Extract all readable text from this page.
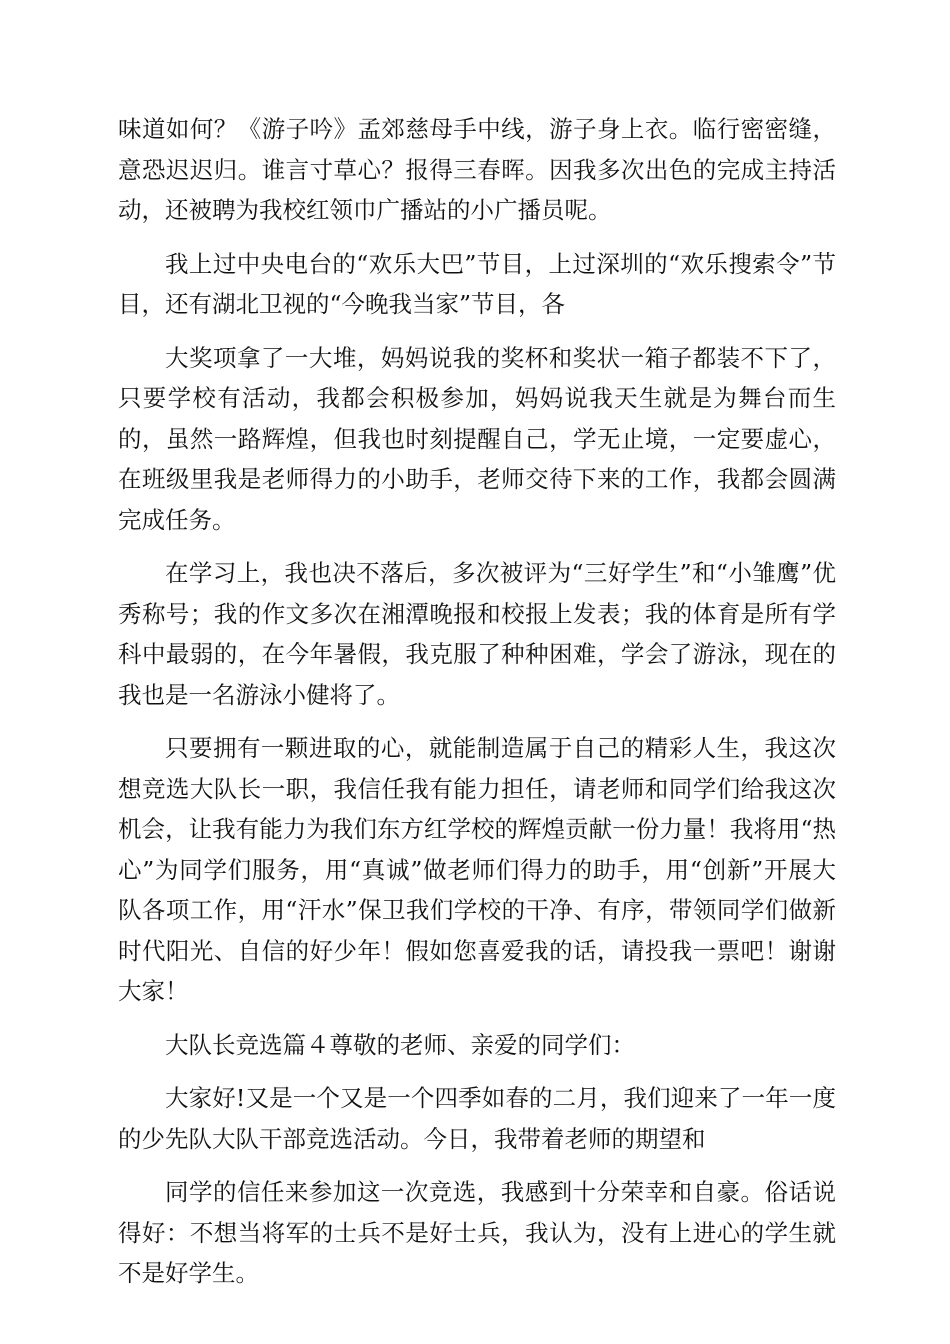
味道如何？《游子吟》孟郊慈母手中线，游子身上衣。临行密密缝，意恐迟迟归。谁言寸草心？报得三春晖。因我多次出色的完成主持活动，还被聘为我校红领巾广播站的小广播员呢。

我上过中央电台的“欢乐大巴”节目，上过深圳的“欢乐搜索令”节目，还有湖北卫视的“今晚我当家”节目，各

大奖项拿了一大堆，妈妈说我的奖杯和奖状一箱子都装不下了，只要学校有活动，我都会积极参加，妈妈说我天生就是为舞台而生的，虽然一路辉煌，但我也时刻提醒自己，学无止境，一定要虚心，在班级里我是老师得力的小助手，老师交待下来的工作，我都会圆满完成任务。

在学习上，我也决不落后，多次被评为“三好学生”和“小雏鹰”优秀称号；我的作文多次在湘潭晚报和校报上发表；我的体育是所有学科中最弱的，在今年暑假，我克服了种种困难，学会了游泳，现在的我也是一名游泳小健将了。

只要拥有一颗进取的心，就能制造属于自己的精彩人生，我这次想竞选大队长一职，我信任我有能力担任，请老师和同学们给我这次机会，让我有能力为我们东方红学校的辉煌贡献一份力量！我将用“热心”为同学们服务，用“真诚”做老师们得力的助手，用“创新”开展大队各项工作，用“汗水”保卫我们学校的干净、有序，带领同学们做新时代阳光、自信的好少年！假如您喜爱我的话，请投我一票吧！谢谢大家！

大队长竞选篇４尊敬的老师、亲爱的同学们：

大家好!又是一个又是一个四季如春的二月，我们迎来了一年一度的少先队大队干部竞选活动。今日，我带着老师的期望和

同学的信任来参加这一次竞选，我感到十分荣幸和自豪。俗话说得好：不想当将军的士兵不是好士兵，我认为，没有上进心的学生就不是好学生。
